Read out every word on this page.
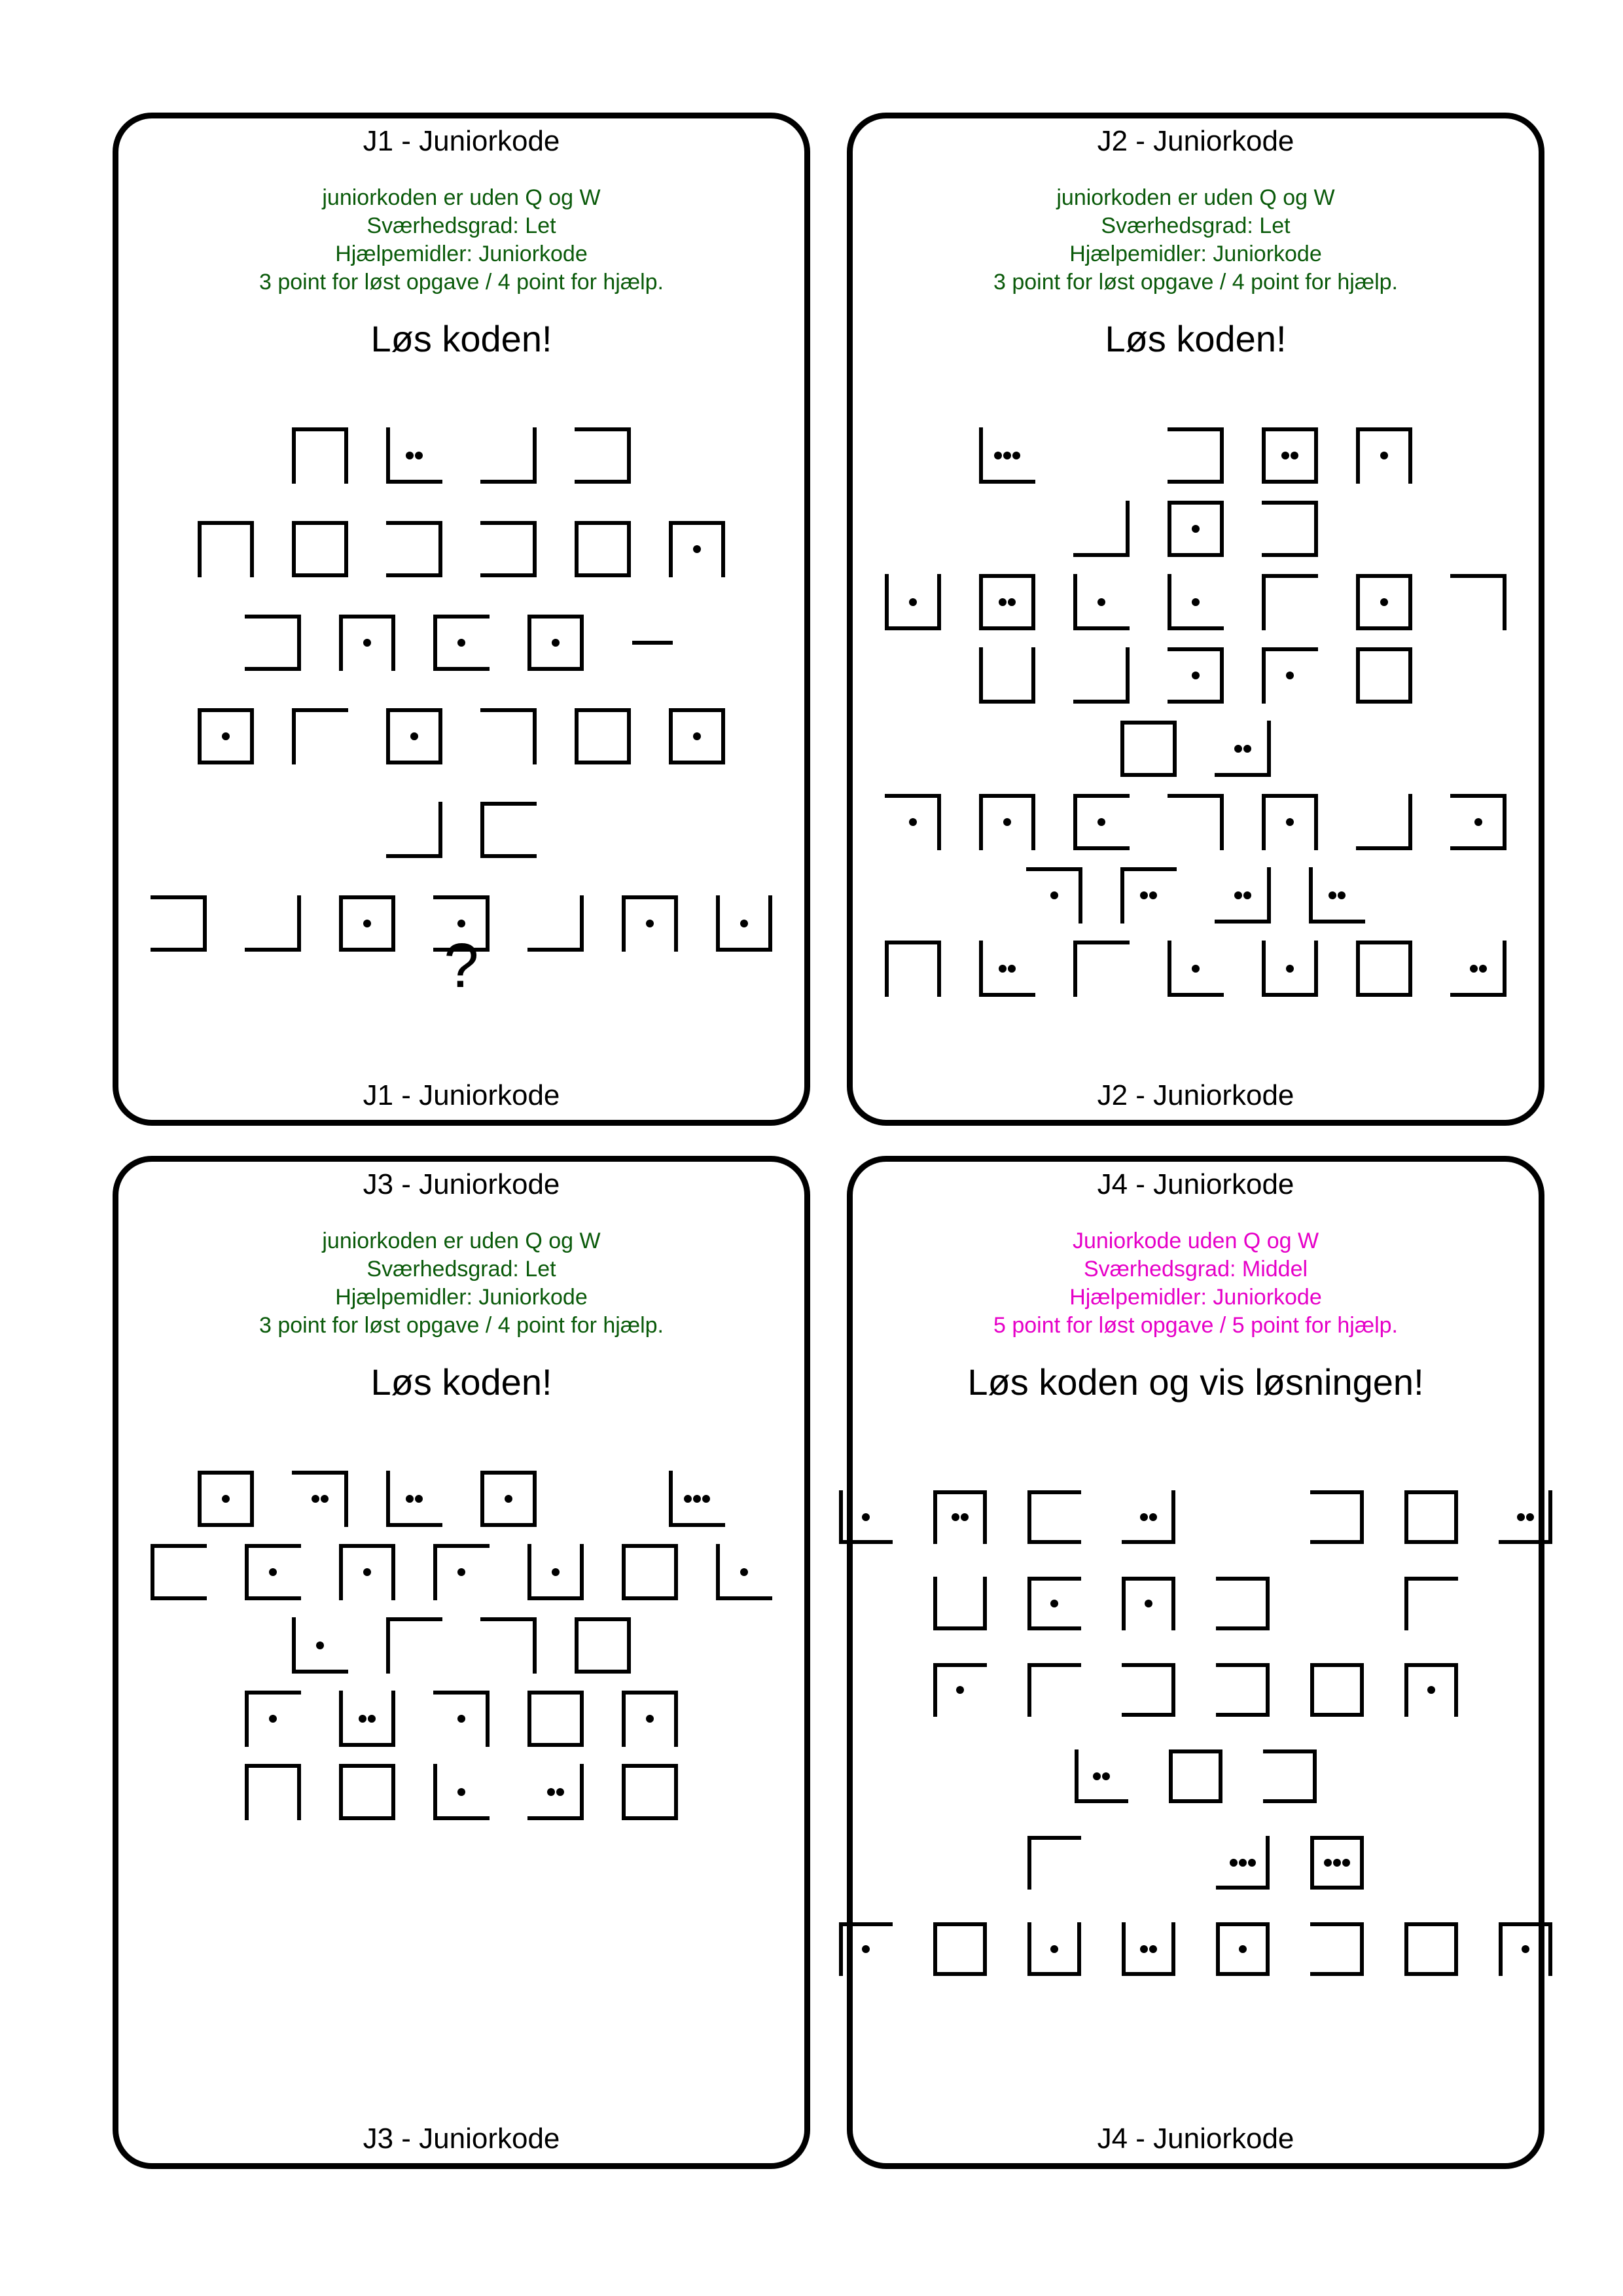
J1 - Juniorkode
juniorkoden er uden Q og W
Sværhedsgrad: Let
Hjælpemidler: Juniorkode
3 point for løst opgave / 4 point for hjælp.
Løs koden!
?
J1 - Juniorkode
J2 - Juniorkode
juniorkoden er uden Q og W
Sværhedsgrad: Let
Hjælpemidler: Juniorkode
3 point for løst opgave / 4 point for hjælp.
Løs koden!
J2 - Juniorkode
J3 - Juniorkode
juniorkoden er uden Q og W
Sværhedsgrad: Let
Hjælpemidler: Juniorkode
3 point for løst opgave / 4 point for hjælp.
Løs koden!
J3 - Juniorkode
J4 - Juniorkode
Juniorkode uden Q og W
Sværhedsgrad: Middel
Hjælpemidler: Juniorkode
5 point for løst opgave / 5 point for hjælp.
Løs koden og vis løsningen!
J4 - Juniorkode
